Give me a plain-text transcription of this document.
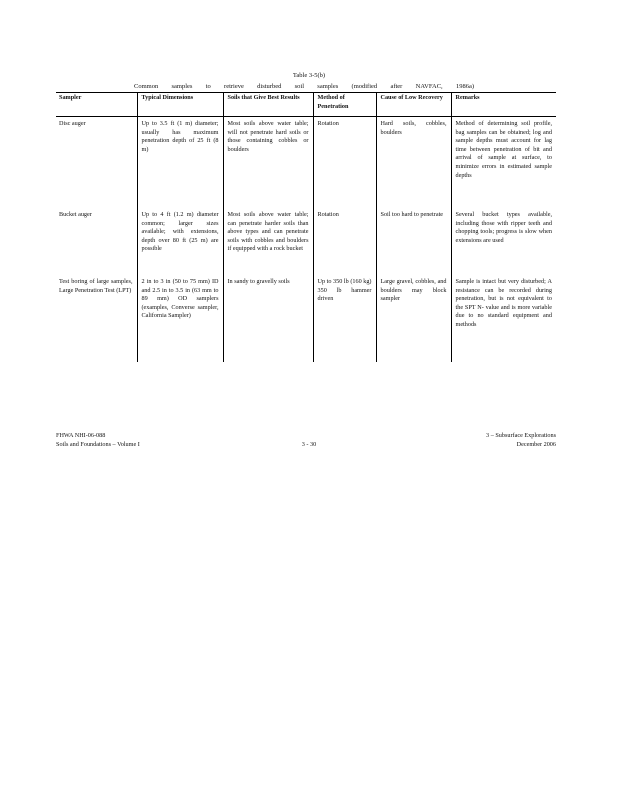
Table 3-5(b)
Common samples to retrieve disturbed soil samples (modified after NAVFAC, 1986a)
Sampler	Typical Dimensions	Soils that Give Best Results	Method of Penetration	Cause of Low Recovery	Remarks
Disc auger	Up to 3.5 ft (1 m) diameter; usually has maximum penetration depth of 25 ft (8 m)	Most soils above water table; will not penetrate hard soils or those containing cobbles or boulders	Rotation	Hard soils, cobbles, boulders	Method of determining soil profile, bag samples can be obtained; log and sample depths must account for lag time between penetration of bit and arrival of sample at surface, to minimize errors in estimated sample depths
Bucket auger	Up to 4 ft (1.2 m) diameter common; larger sizes available; with extensions, depth over 80 ft (25 m) are possible	Most soils above water table; can penetrate harder soils than above types and can penetrate soils with cobbles and boulders if equipped with a rock bucket	Rotation	Soil too hard to penetrate	Several bucket types available, including those with ripper teeth and chopping tools; progress is slow when extensions are used
Test boring of large samples, Large Penetration Test (LPT)	2 in to 3 in (50 to 75 mm) ID and 2.5 in to 3.5 in (63 mm to 89 mm) OD samplers (examples, Converse sampler, California Sampler)	In sandy to gravelly soils	Up to 350 lb (160 kg) 350 lb hammer driven	Large gravel, cobbles, and boulders may block sampler	Sample is intact but very disturbed; A resistance can be recorded during penetration, but is not equivalent to the SPT N- value and is more variable due to no standard equipment and methods
FHWA NHI-06-088
Soils and Foundations – Volume I	3 - 30
3 – Subsurface Explorations
December 2006
